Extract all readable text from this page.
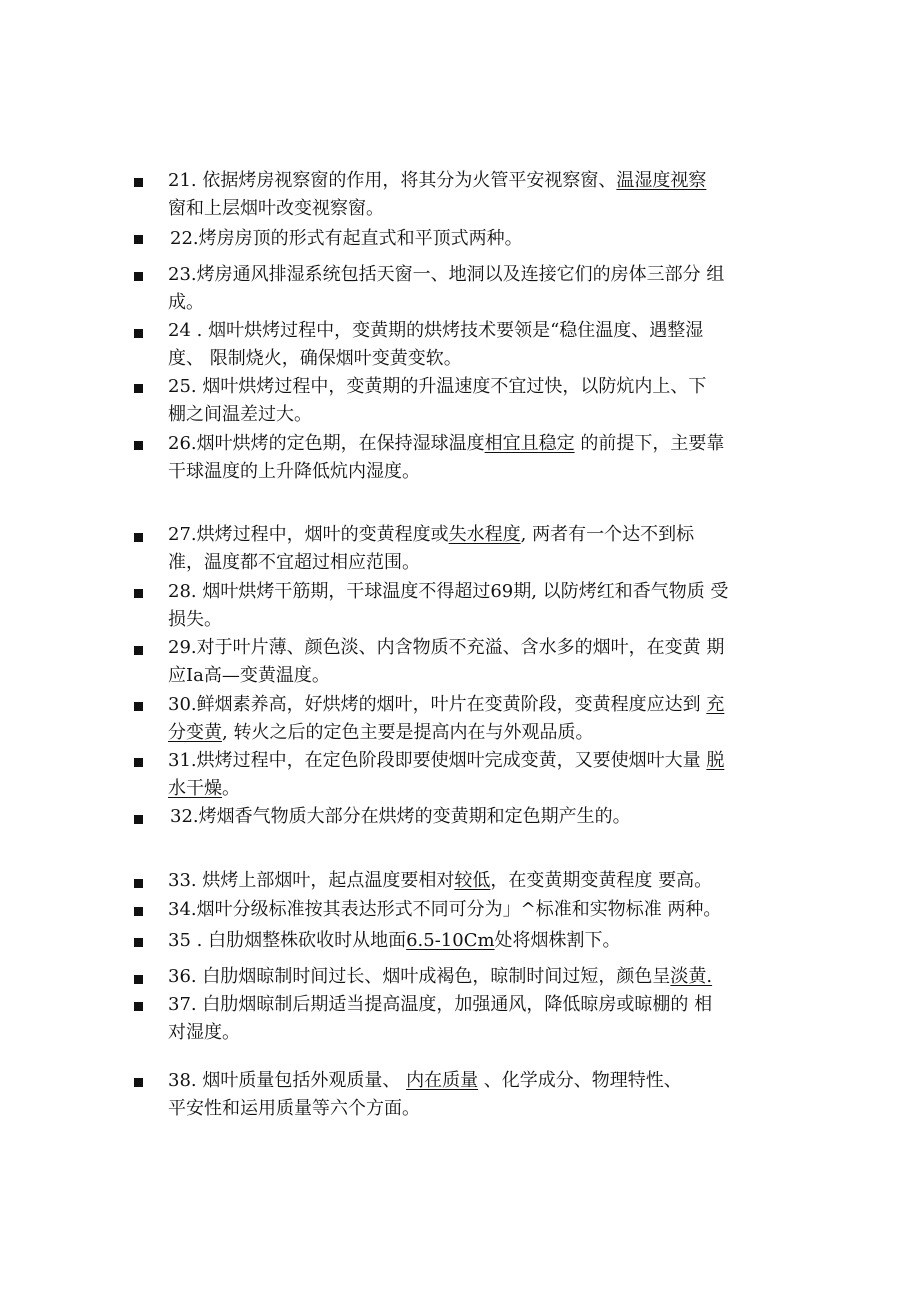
21. 依据烤房视察窗的作用，将其分为火管平安视察窗、温湿度视察
窗和上层烟叶改变视察窗。
22.烤房房顶的形式有起直式和平顶式两种。
23.烤房通风排湿系统包括天窗一、地洞以及连接它们的房体三部分 组
成。
24 . 烟叶烘烤过程中，变黄期的烘烤技术要领是“稳住温度、遇整湿
度、 限制烧火，确保烟叶变黄变软。
25. 烟叶烘烤过程中，变黄期的升温速度不宜过快，以防炕内上、下
棚之间温差过大。
26.烟叶烘烤的定色期，在保持湿球温度相宜且稳定 的前提下，主要靠
干球温度的上升降低炕内湿度。
27.烘烤过程中，烟叶的变黄程度或失水程度, 两者有一个达不到标
准，温度都不宜超过相应范围。
28. 烟叶烘烤干筋期，干球温度不得超过69期, 以防烤红和香气物质 受
损失。
29.对于叶片薄、颜色淡、内含物质不充溢、含水多的烟叶，在变黄 期
应Ia高—变黄温度。
30.鲜烟素养高，好烘烤的烟叶，叶片在变黄阶段，变黄程度应达到 充
分变黄, 转火之后的定色主要是提高内在与外观品质。
31.烘烤过程中，在定色阶段即要使烟叶完成变黄，又要使烟叶大量 脱
水干燥。
32.烤烟香气物质大部分在烘烤的变黄期和定色期产生的。
33. 烘烤上部烟叶，起点温度要相对较低，在变黄期变黄程度 要高。
34.烟叶分级标准按其表达形式不同可分为」^标准和实物标准 两种。
35 . 白肋烟整株砍收时从地面6.5-10Cm处将烟株割下。
36. 白肋烟晾制时间过长、烟叶成褐色，晾制时间过短，颜色呈淡黄.
37. 白肋烟晾制后期适当提高温度，加强通风，降低晾房或晾棚的 相
对湿度。
38. 烟叶质量包括外观质量、 内在质量 、化学成分、物理特性、
平安性和运用质量等六个方面。
